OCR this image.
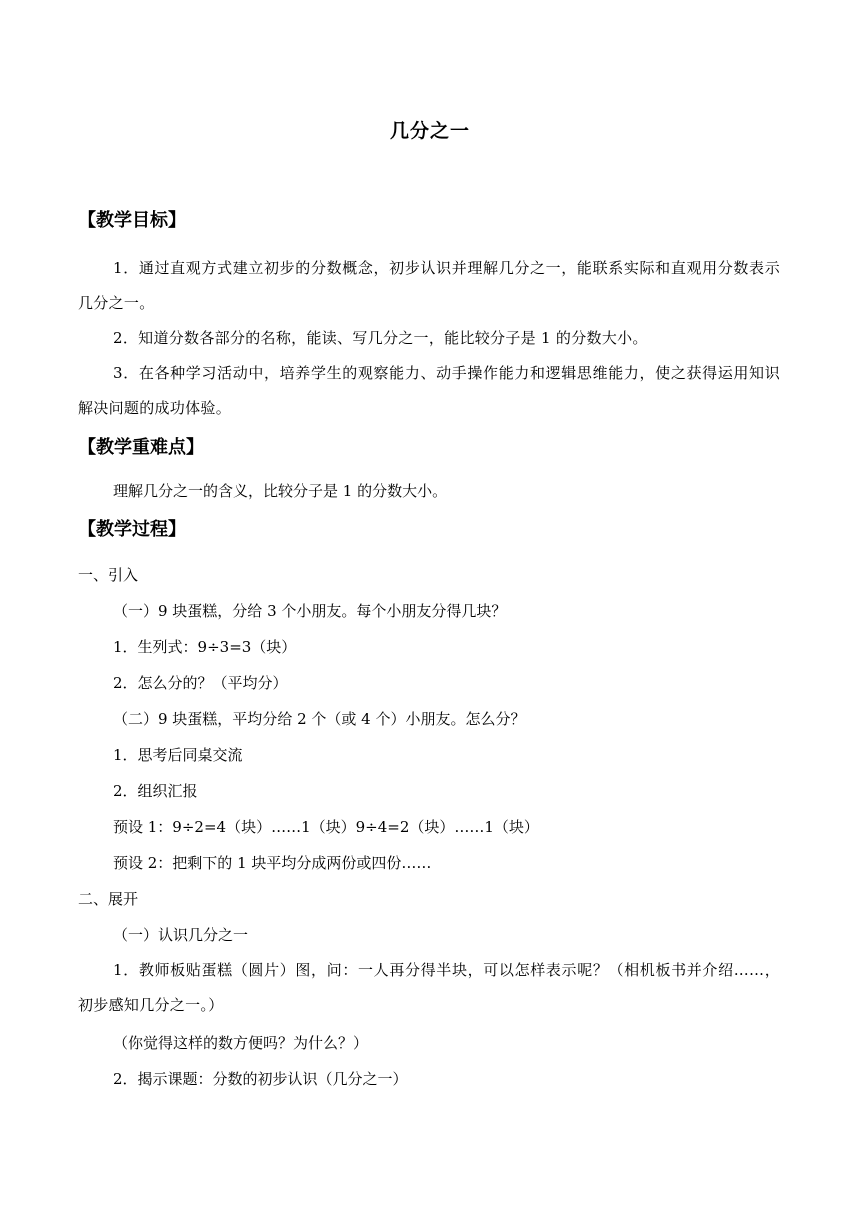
几分之一
【教学目标】
1．通过直观方式建立初步的分数概念，初步认识并理解几分之一，能联系实际和直观用分数表示几分之一。
2．知道分数各部分的名称，能读、写几分之一，能比较分子是 1 的分数大小。
3．在各种学习活动中，培养学生的观察能力、动手操作能力和逻辑思维能力，使之获得运用知识解决问题的成功体验。
【教学重难点】
理解几分之一的含义，比较分子是 1 的分数大小。
【教学过程】
一、引入
（一）9 块蛋糕，分给 3 个小朋友。每个小朋友分得几块？
1．生列式：9÷3=3（块）
2．怎么分的？（平均分）
（二）9 块蛋糕，平均分给 2 个（或 4 个）小朋友。怎么分？
1．思考后同桌交流
2．组织汇报
预设 1：9÷2=4（块）……1（块）9÷4=2（块）……1（块）
预设 2：把剩下的 1 块平均分成两份或四份……
二、展开
（一）认识几分之一
1．教师板贴蛋糕（圆片）图，问：一人再分得半块，可以怎样表示呢？（相机板书并介绍……，初步感知几分之一。）
（你觉得这样的数方便吗？为什么？）
2．揭示课题：分数的初步认识（几分之一）
